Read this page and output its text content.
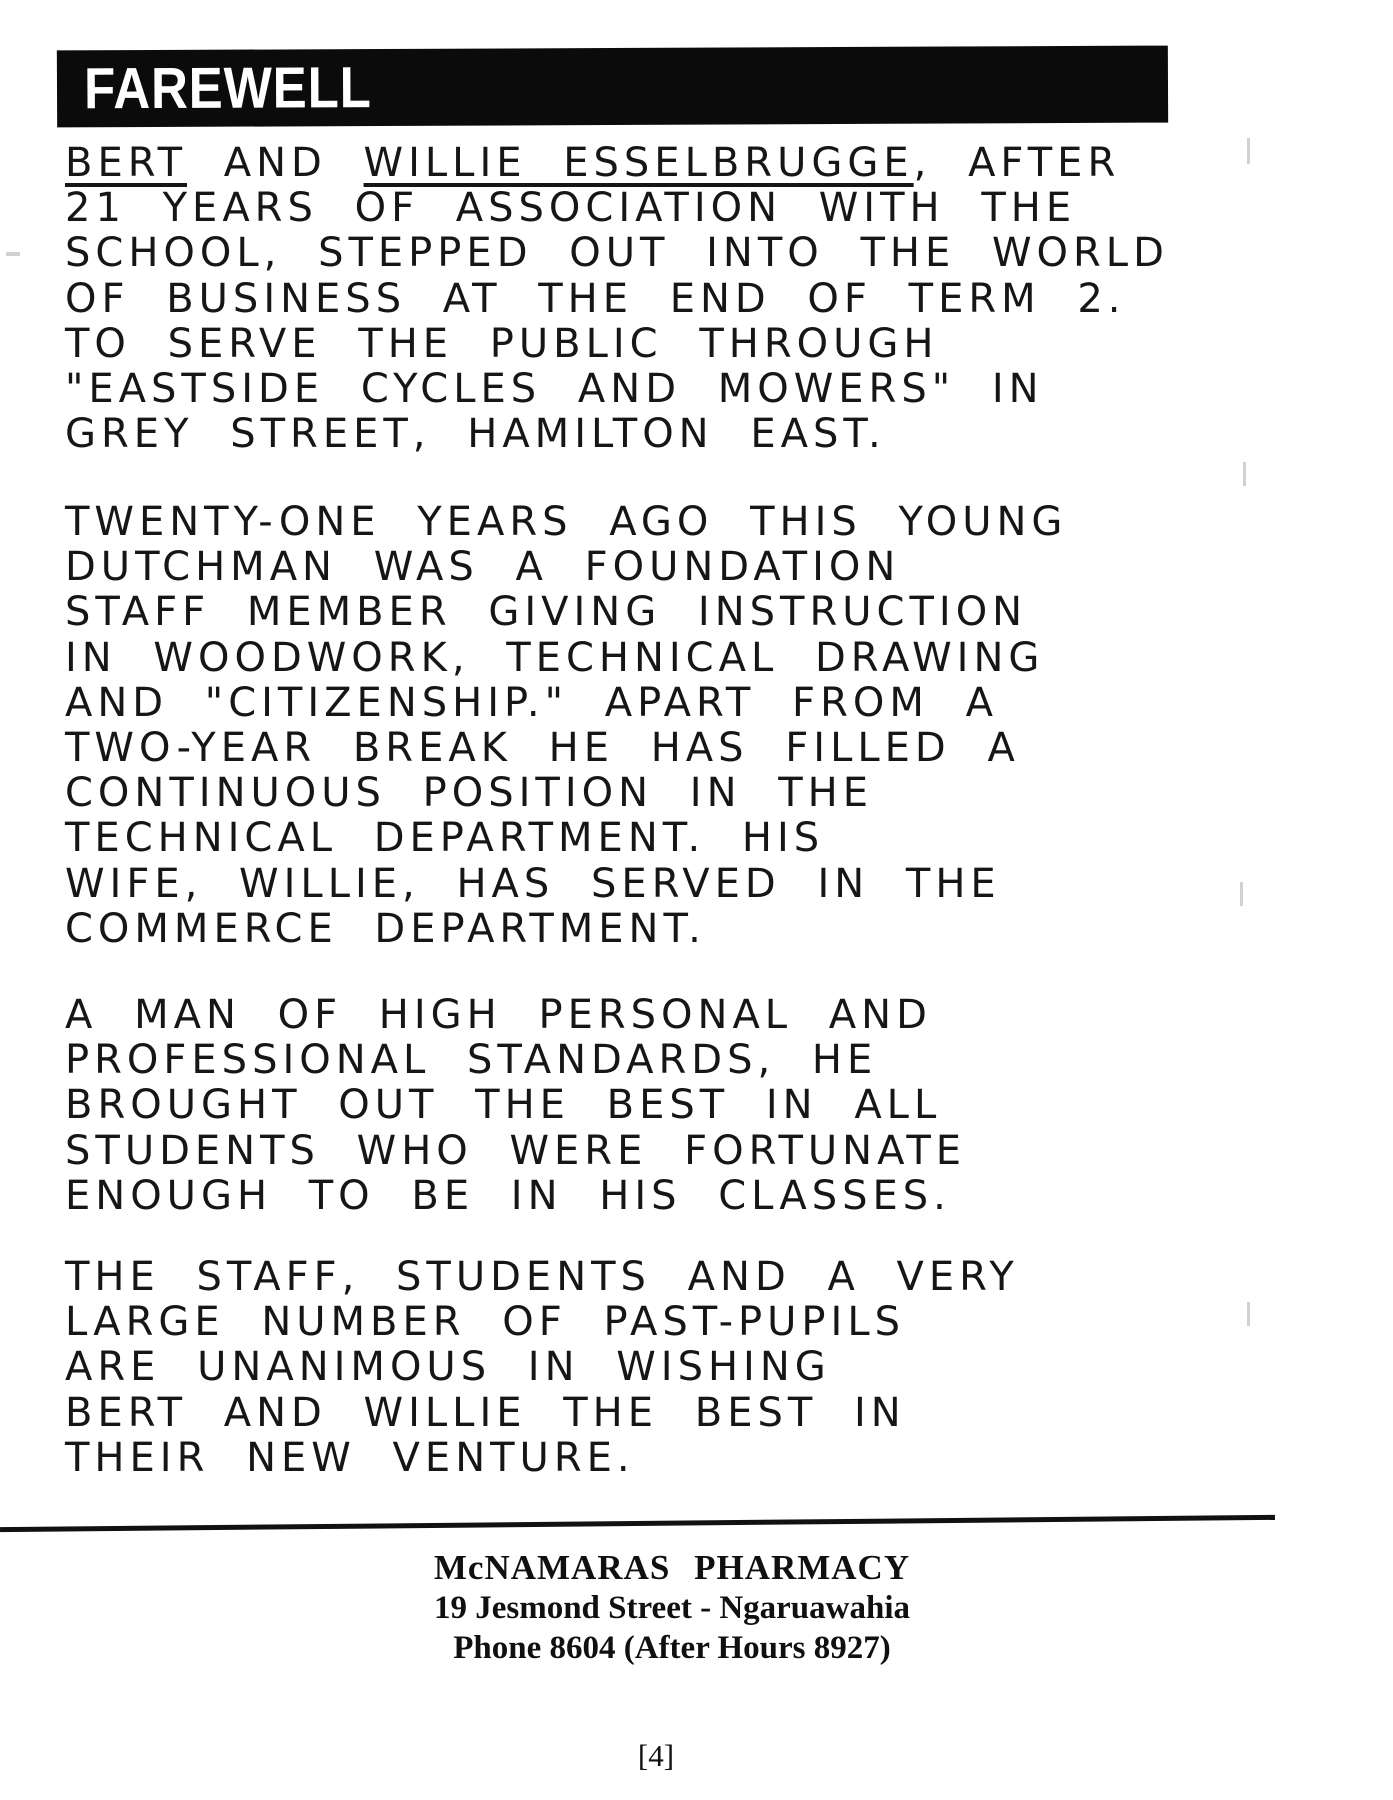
FAREWELL
BERT AND WILLIE ESSELBRUGGE, AFTER
21 YEARS OF ASSOCIATION WITH THE
SCHOOL, STEPPED OUT INTO THE WORLD
OF BUSINESS AT THE END OF TERM 2.
TO SERVE THE PUBLIC THROUGH
"EASTSIDE CYCLES AND MOWERS" IN
GREY STREET, HAMILTON EAST.
TWENTY-ONE YEARS AGO THIS YOUNG
DUTCHMAN WAS A FOUNDATION
STAFF MEMBER GIVING INSTRUCTION
IN WOODWORK, TECHNICAL DRAWING
AND "CITIZENSHIP." APART FROM A
TWO-YEAR BREAK HE HAS FILLED A
CONTINUOUS POSITION IN THE
TECHNICAL DEPARTMENT. HIS
WIFE, WILLIE, HAS SERVED IN THE
COMMERCE DEPARTMENT.
A MAN OF HIGH PERSONAL AND
PROFESSIONAL STANDARDS, HE
BROUGHT OUT THE BEST IN ALL
STUDENTS WHO WERE FORTUNATE
ENOUGH TO BE IN HIS CLASSES.
THE STAFF, STUDENTS AND A VERY
LARGE NUMBER OF PAST-PUPILS
ARE UNANIMOUS IN WISHING
BERT AND WILLIE THE BEST IN
THEIR NEW VENTURE.
McNAMARAS PHARMACY
19 Jesmond Street - Ngaruawahia
Phone 8604 (After Hours 8927)
[4]
